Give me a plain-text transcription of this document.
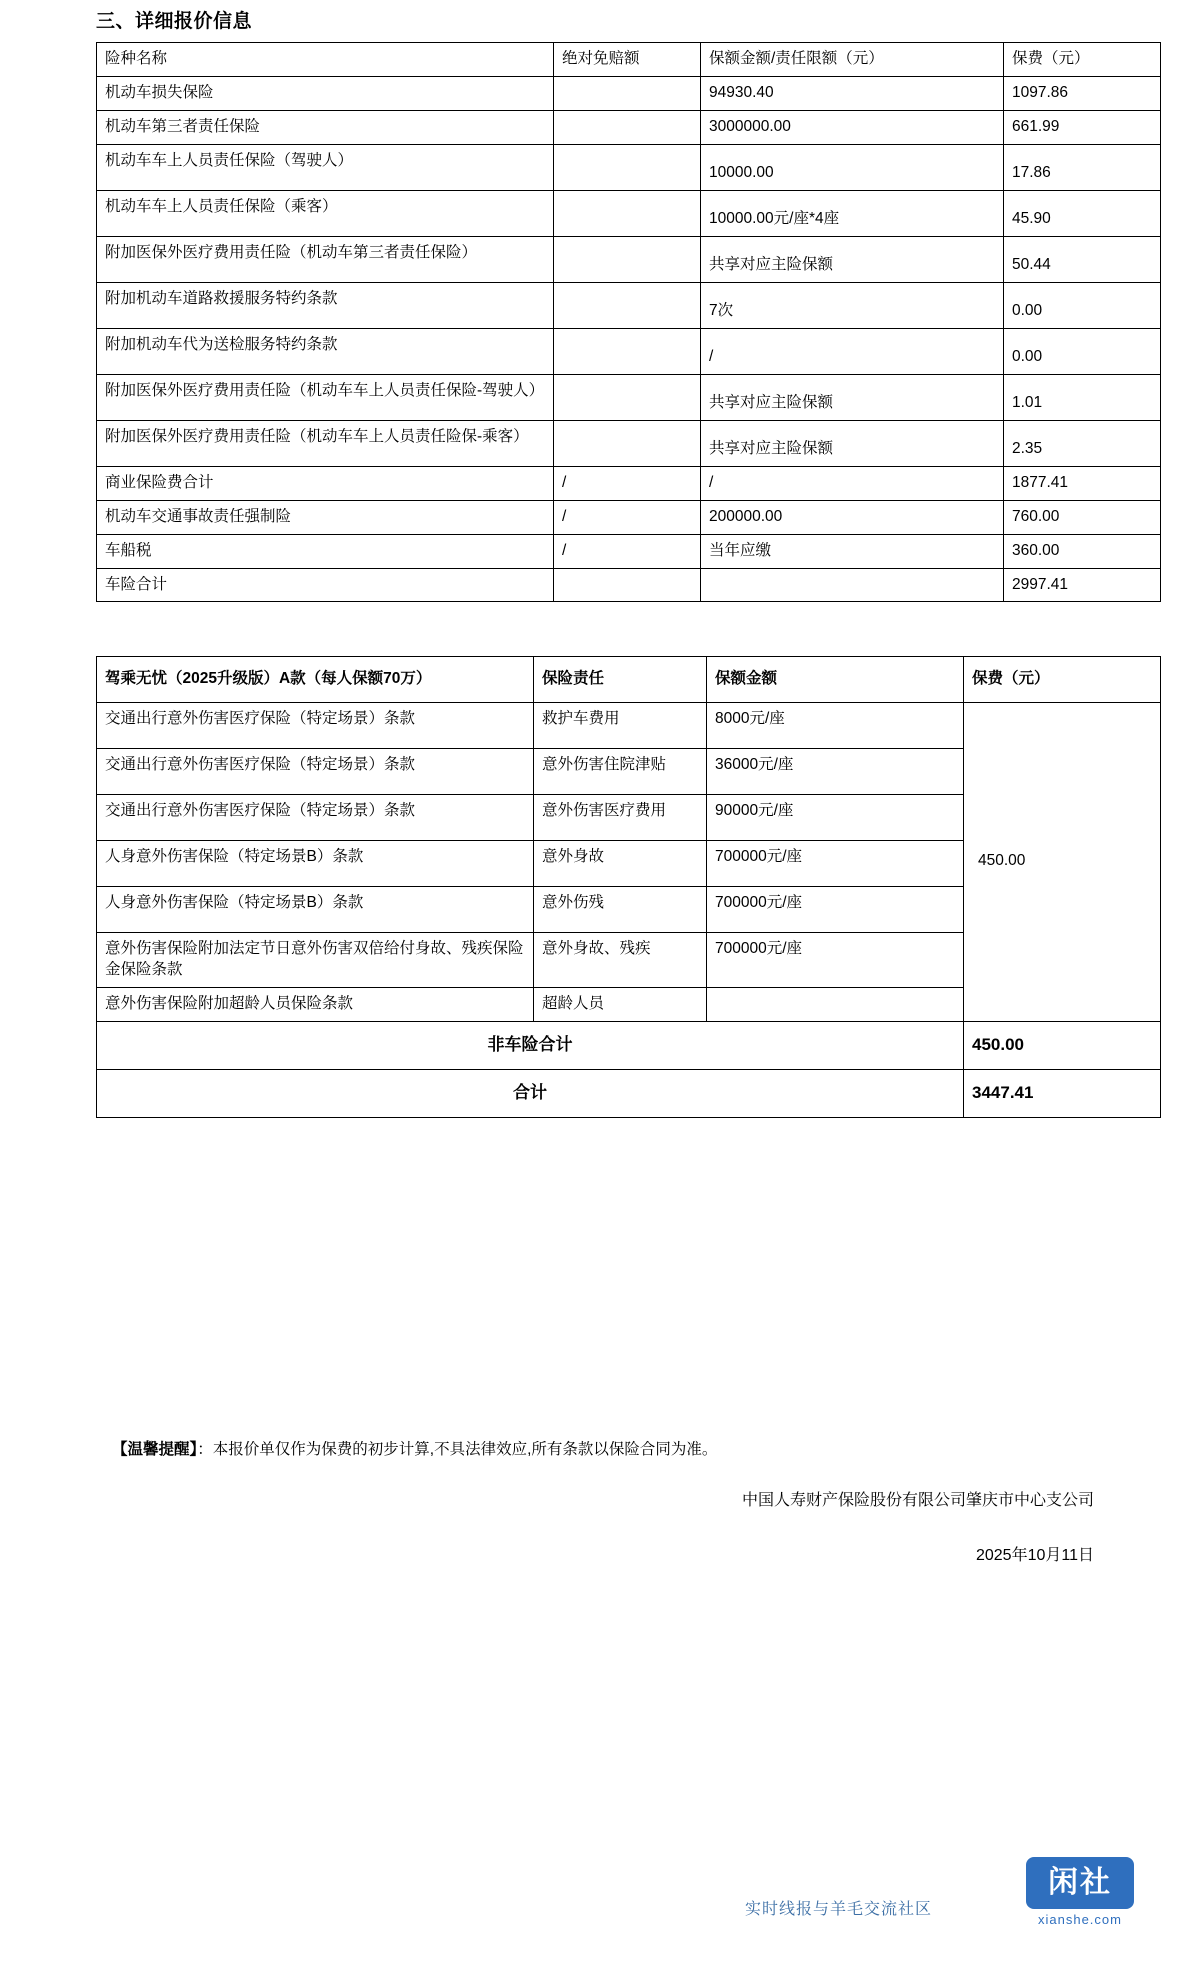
三、详细报价信息
险种名称	绝对免赔额	保额金额/责任限额（元）	保费（元）
机动车损失保险		94930.40	1097.86
机动车第三者责任保险		3000000.00	661.99
机动车车上人员责任保险（驾驶人）		10000.00	17.86
机动车车上人员责任保险（乘客）		10000.00元/座*4座	45.90
附加医保外医疗费用责任险（机动车第三者责任保险）		共享对应主险保额	50.44
附加机动车道路救援服务特约条款		7次	0.00
附加机动车代为送检服务特约条款		/	0.00
附加医保外医疗费用责任险（机动车车上人员责任保险-驾驶人）		共享对应主险保额	1.01
附加医保外医疗费用责任险（机动车车上人员责任险保-乘客）		共享对应主险保额	2.35
商业保险费合计	/	/	1877.41
机动车交通事故责任强制险	/	200000.00	760.00
车船税	/	当年应缴	360.00
车险合计			2997.41
驾乘无忧（2025升级版）A款（每人保额70万）	保险责任	保额金额	保费（元）
交通出行意外伤害医疗保险（特定场景）条款	救护车费用	8000元/座	450.00
交通出行意外伤害医疗保险（特定场景）条款	意外伤害住院津贴	36000元/座	
交通出行意外伤害医疗保险（特定场景）条款	意外伤害医疗费用	90000元/座	
人身意外伤害保险（特定场景B）条款	意外身故	700000元/座	
人身意外伤害保险（特定场景B）条款	意外伤残	700000元/座	
意外伤害保险附加法定节日意外伤害双倍给付身故、残疾保险金保险条款	意外身故、残疾	700000元/座	
意外伤害保险附加超龄人员保险条款	超龄人员		
非车险合计			450.00
合计			3447.41
【温馨提醒】：本报价单仅作为保费的初步计算,不具法律效应,所有条款以保险合同为准。
中国人寿财产保险股份有限公司肇庆市中心支公司
2025年10月11日
实时线报与羊毛交流社区
闲社
xianshe.com
